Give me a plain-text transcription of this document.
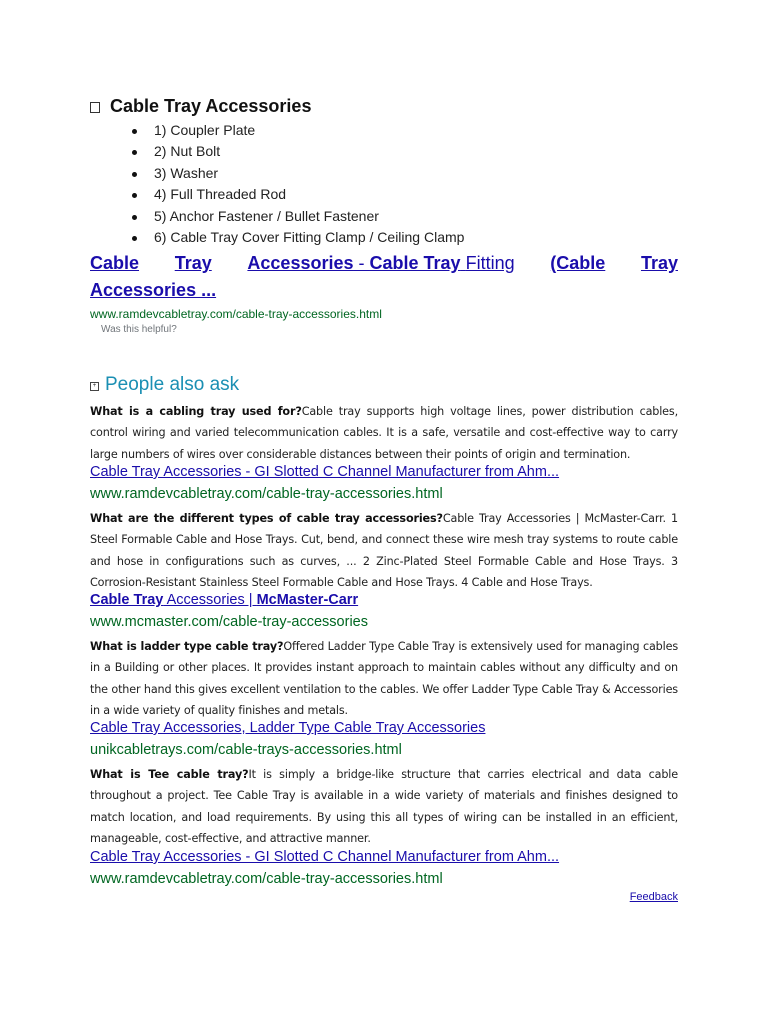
Cable Tray Accessories
1) Coupler Plate
2) Nut Bolt
3) Washer
4) Full Threaded Rod
5) Anchor Fastener / Bullet Fastener
6) Cable Tray Cover Fitting Clamp / Ceiling Clamp
Cable Tray Accessories - Cable Tray Fitting (Cable Tray
Accessories ...
www.ramdevcabletray.com/cable-tray-accessories.html
Was this helpful?
+ People also ask
What is a cabling tray used for?Cable tray supports high voltage lines, power distribution cables, control wiring and varied telecommunication cables. It is a safe, versatile and cost-effective way to carry large numbers of wires over considerable distances between their points of origin and termination.
Cable Tray Accessories - GI Slotted C Channel Manufacturer from Ahm...
www.ramdevcabletray.com/cable-tray-accessories.html
What are the different types of cable tray accessories?Cable Tray Accessories | McMaster-Carr. 1 Steel Formable Cable and Hose Trays. Cut, bend, and connect these wire mesh tray systems to route cable and hose in configurations such as curves, ... 2 Zinc-Plated Steel Formable Cable and Hose Trays. 3 Corrosion-Resistant Stainless Steel Formable Cable and Hose Trays. 4 Cable and Hose Trays.
Cable Tray Accessories | McMaster-Carr
www.mcmaster.com/cable-tray-accessories
What is ladder type cable tray?Offered Ladder Type Cable Tray is extensively used for managing cables in a Building or other places. It provides instant approach to maintain cables without any difficulty and on the other hand this gives excellent ventilation to the cables. We offer Ladder Type Cable Tray & Accessories in a wide variety of quality finishes and metals.
Cable Tray Accessories, Ladder Type Cable Tray Accessories
unikcabletrays.com/cable-trays-accessories.html
What is Tee cable tray?It is simply a bridge-like structure that carries electrical and data cable throughout a project. Tee Cable Tray is available in a wide variety of materials and finishes designed to match location, and load requirements. By using this all types of wiring can be installed in an efficient, manageable, cost-effective, and attractive manner.
Cable Tray Accessories - GI Slotted C Channel Manufacturer from Ahm...
www.ramdevcabletray.com/cable-tray-accessories.html
Feedback
